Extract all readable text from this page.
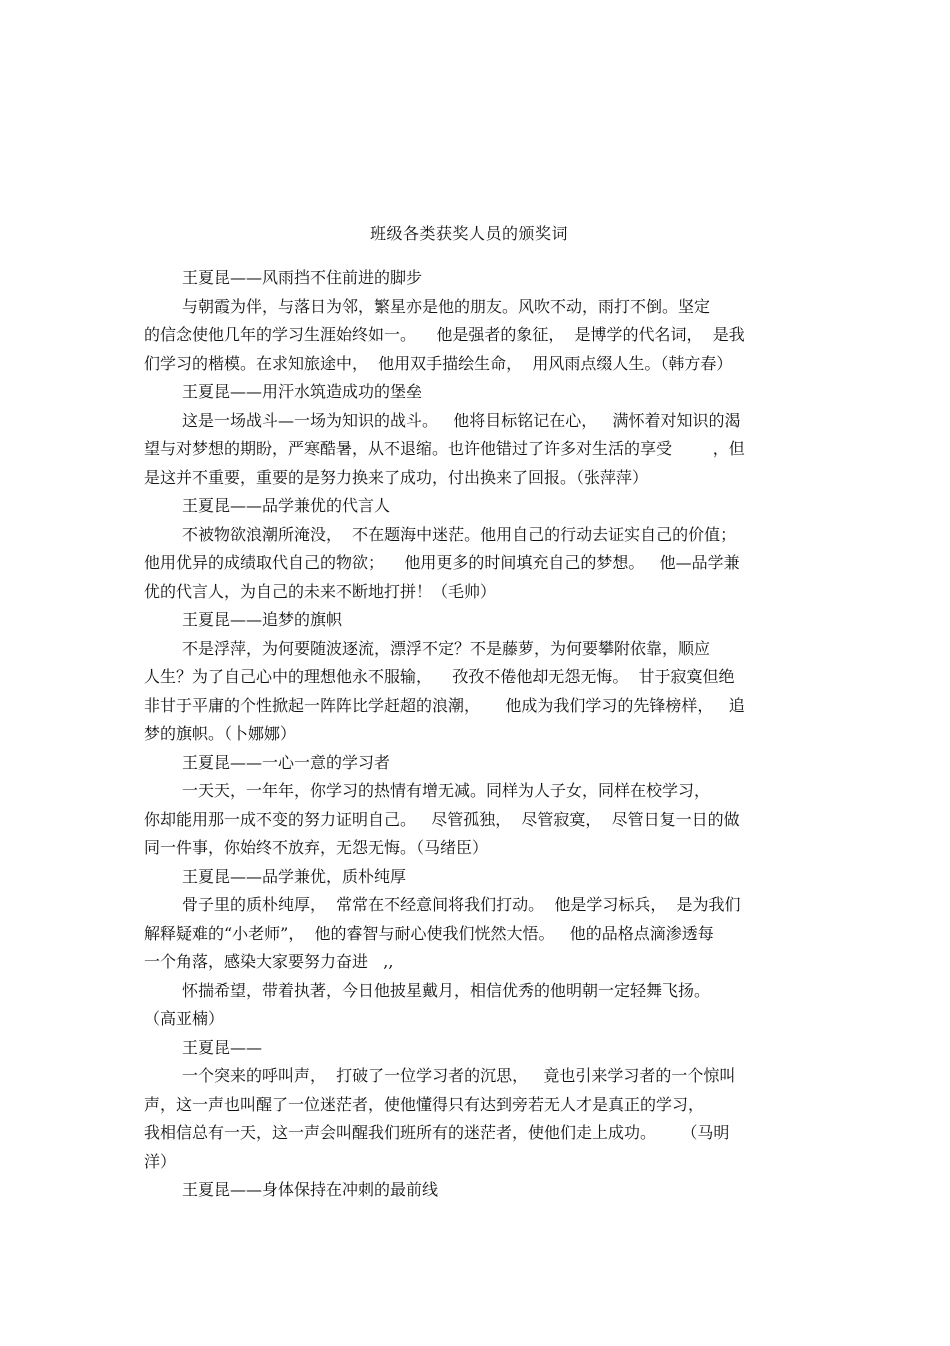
班级各类获奖人员的颁奖词
王夏昆——风雨挡不住前进的脚步
与朝霞为伴，与落日为邻，繁星亦是他的朋友。风吹不动，雨打不倒。坚定
的信念使他几年的学习生涯始终如一。    他是强者的象征，  是博学的代名词，  是我
们学习的楷模。在求知旅途中，  他用双手描绘生命，  用风雨点缀人生。（韩方春）
王夏昆——用汗水筑造成功的堡垒
这是一场战斗—一场为知识的战斗。   他将目标铭记在心，   满怀着对知识的渴
望与对梦想的期盼，严寒酷暑，从不退缩。也许他错过了许多对生活的享受        ，但
是这并不重要，重要的是努力换来了成功，付出换来了回报。（张萍萍）
王夏昆——品学兼优的代言人
不被物欲浪潮所淹没，  不在题海中迷茫。他用自己的行动去证实自己的价值；
他用优异的成绩取代自己的物欲；    他用更多的时间填充自己的梦想。   他—品学兼
优的代言人，为自己的未来不断地打拼！（毛帅）
王夏昆——追梦的旗帜
不是浮萍，为何要随波逐流，漂浮不定？不是藤萝，为何要攀附依靠，顺应
人生？为了自己心中的理想他永不服输，    孜孜不倦他却无怨无悔。  甘于寂寞但绝
非甘于平庸的个性掀起一阵阵比学赶超的浪潮，     他成为我们学习的先锋榜样，   追
梦的旗帜。（卜娜娜）
王夏昆——一心一意的学习者
一天天，一年年，你学习的热情有增无减。同样为人子女，同样在校学习，
你却能用那一成不变的努力证明自己。   尽管孤独，  尽管寂寞，  尽管日复一日的做
同一件事，你始终不放弃，无怨无悔。（马绪臣）
王夏昆——品学兼优，质朴纯厚
骨子里的质朴纯厚，  常常在不经意间将我们打动。  他是学习标兵，  是为我们
解释疑难的“小老师”，  他的睿智与耐心使我们恍然大悟。   他的品格点滴渗透每
一个角落，感染大家要努力奋进   ,,
怀揣希望，带着执著，今日他披星戴月，相信优秀的他明朝一定轻舞飞扬。
（高亚楠）
王夏昆——
一个突来的呼叫声，  打破了一位学习者的沉思，   竟也引来学习者的一个惊叫
声，这一声也叫醒了一位迷茫者，使他懂得只有达到旁若无人才是真正的学习，
我相信总有一天，这一声会叫醒我们班所有的迷茫者，使他们走上成功。     （马明
洋）
王夏昆——身体保持在冲刺的最前线
